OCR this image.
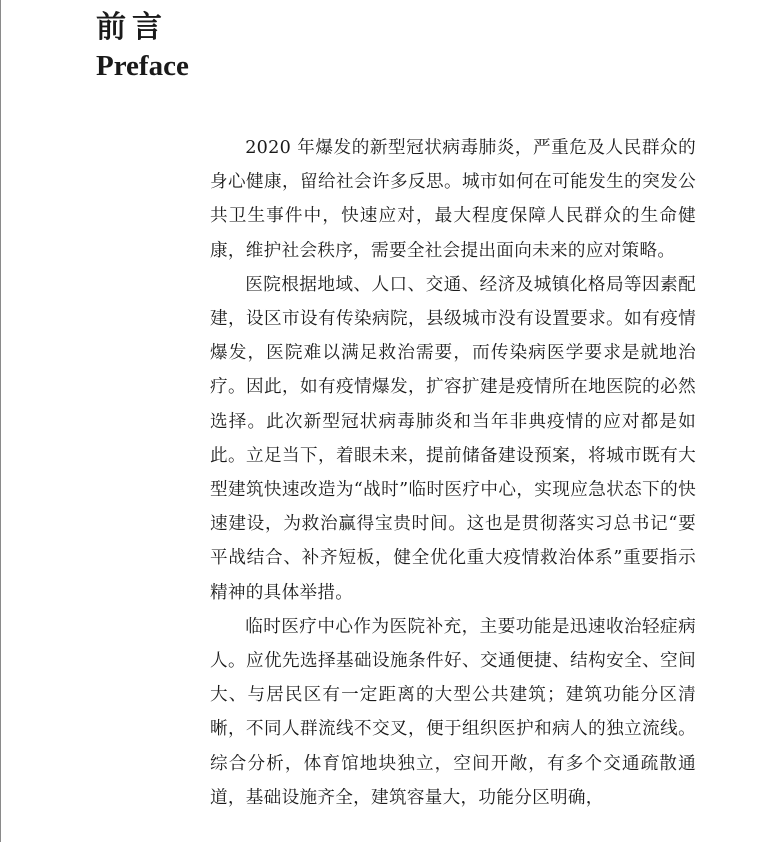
前言
Preface

2020 年爆发的新型冠状病毒肺炎，严重危及人民群众的身心健康，留给社会许多反思。城市如何在可能发生的突发公共卫生事件中，快速应对，最大程度保障人民群众的生命健康，维护社会秩序，需要全社会提出面向未来的应对策略。

医院根据地域、人口、交通、经济及城镇化格局等因素配建，设区市设有传染病院，县级城市没有设置要求。如有疫情爆发，医院难以满足救治需要，而传染病医学要求是就地治疗。因此，如有疫情爆发，扩容扩建是疫情所在地医院的必然选择。此次新型冠状病毒肺炎和当年非典疫情的应对都是如此。立足当下，着眼未来，提前储备建设预案，将城市既有大型建筑快速改造为“战时”临时医疗中心，实现应急状态下的快速建设，为救治赢得宝贵时间。这也是贯彻落实习总书记“要平战结合、补齐短板，健全优化重大疫情救治体系”重要指示精神的具体举措。

临时医疗中心作为医院补充，主要功能是迅速收治轻症病人。应优先选择基础设施条件好、交通便捷、结构安全、空间大、与居民区有一定距离的大型公共建筑；建筑功能分区清晰，不同人群流线不交叉，便于组织医护和病人的独立流线。综合分析，体育馆地块独立，空间开敞，有多个交通疏散通道，基础设施齐全，建筑容量大，功能分区明确，
